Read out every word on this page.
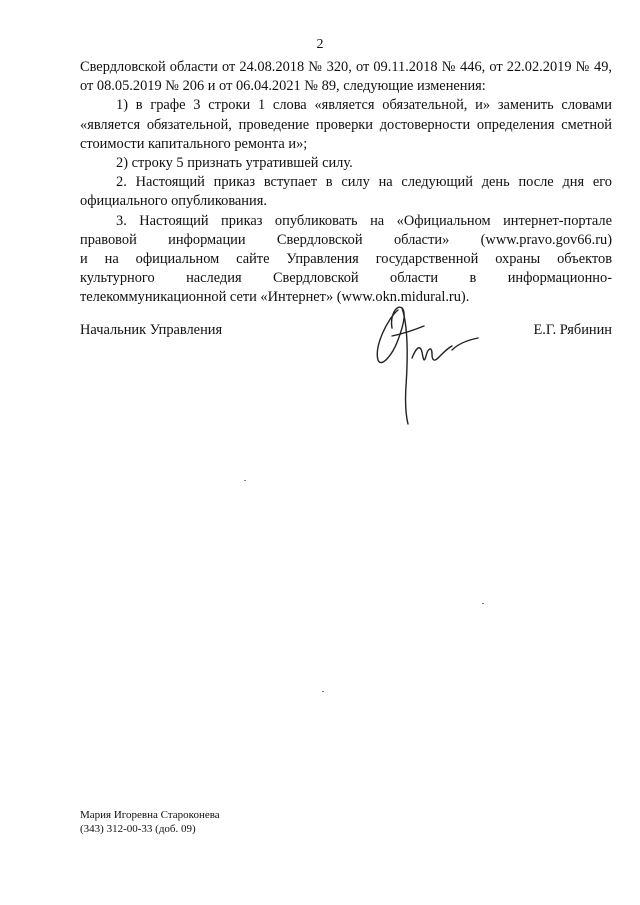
2
Свердловской области от 24.08.2018 № 320, от 09.11.2018 № 446, от 22.02.2019 № 49,
от 08.05.2019 № 206 и от 06.04.2021 № 89, следующие изменения:
1) в графе 3 строки 1 слова «является обязательной, и» заменить словами
«является обязательной, проведение проверки достоверности определения сметной
стоимости капитального ремонта и»;
2) строку 5 признать утратившей силу.
2. Настоящий приказ вступает в силу на следующий день после дня его
официального опубликования.
3. Настоящий приказ опубликовать на «Официальном интернет-портале
правовой информации Свердловской области» (www.pravo.gov66.ru)
и на официальном сайте Управления государственной охраны объектов
культурного наследия Свердловской области в информационно-
телекоммуникационной сети «Интернет» (www.okn.midural.ru).
Начальник Управления	Е.Г. Рябинин
Мария Игоревна Староконева
(343) 312-00-33 (доб. 09)
